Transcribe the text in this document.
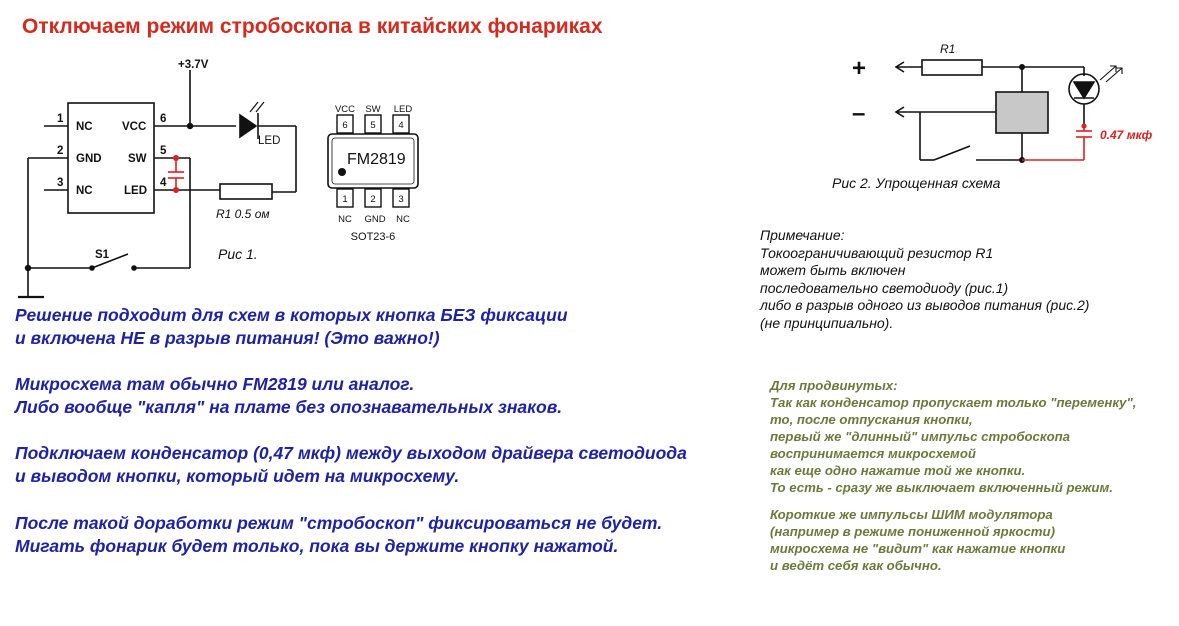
Отключаем режим стробоскопа в китайских фонариках
+3.7V
1
2
3
NC
GND
NC
6
5
4
VCC
SW
LED
LED
S1
R1 0.5 ом
Рис 1.
VCC SW LED
6 5 4
1 2 3
NC GND NC
SOT23-6
FM2819
R1
+
–
0.47 мкф
Рис 2. Упрощенная схема
Примечание:
Токоограничивающий резистор R1
может быть включен
последовательно светодиоду (рис.1)
либо в разрыв одного из выводов питания (рис.2)
(не принципиально).
Решение подходит для схем в которых кнопка БЕЗ фиксации
и включена НЕ в разрыв питания! (Это важно!)
Микросхема там обычно FM2819 или аналог.
Либо вообще "капля" на плате без опознавательных знаков.
Подключаем конденсатор (0,47 мкф) между выходом драйвера светодиода
и выводом кнопки, который идет на микросхему.
После такой доработки режим "стробоскоп" фиксироваться не будет.
Мигать фонарик будет только, пока вы держите кнопку нажатой.
Для продвинутых:
Так как конденсатор пропускает только "переменку",
то, после отпускания кнопки,
первый же "длинный" импульс стробоскопа
воспринимается микросхемой
как еще одно нажатие той же кнопки.
То есть - сразу же выключает включенный режим.
Короткие же импульсы ШИМ модулятора
(например в режиме пониженной яркости)
микросхема не "видит" как нажатие кнопки
и ведёт себя как обычно.
